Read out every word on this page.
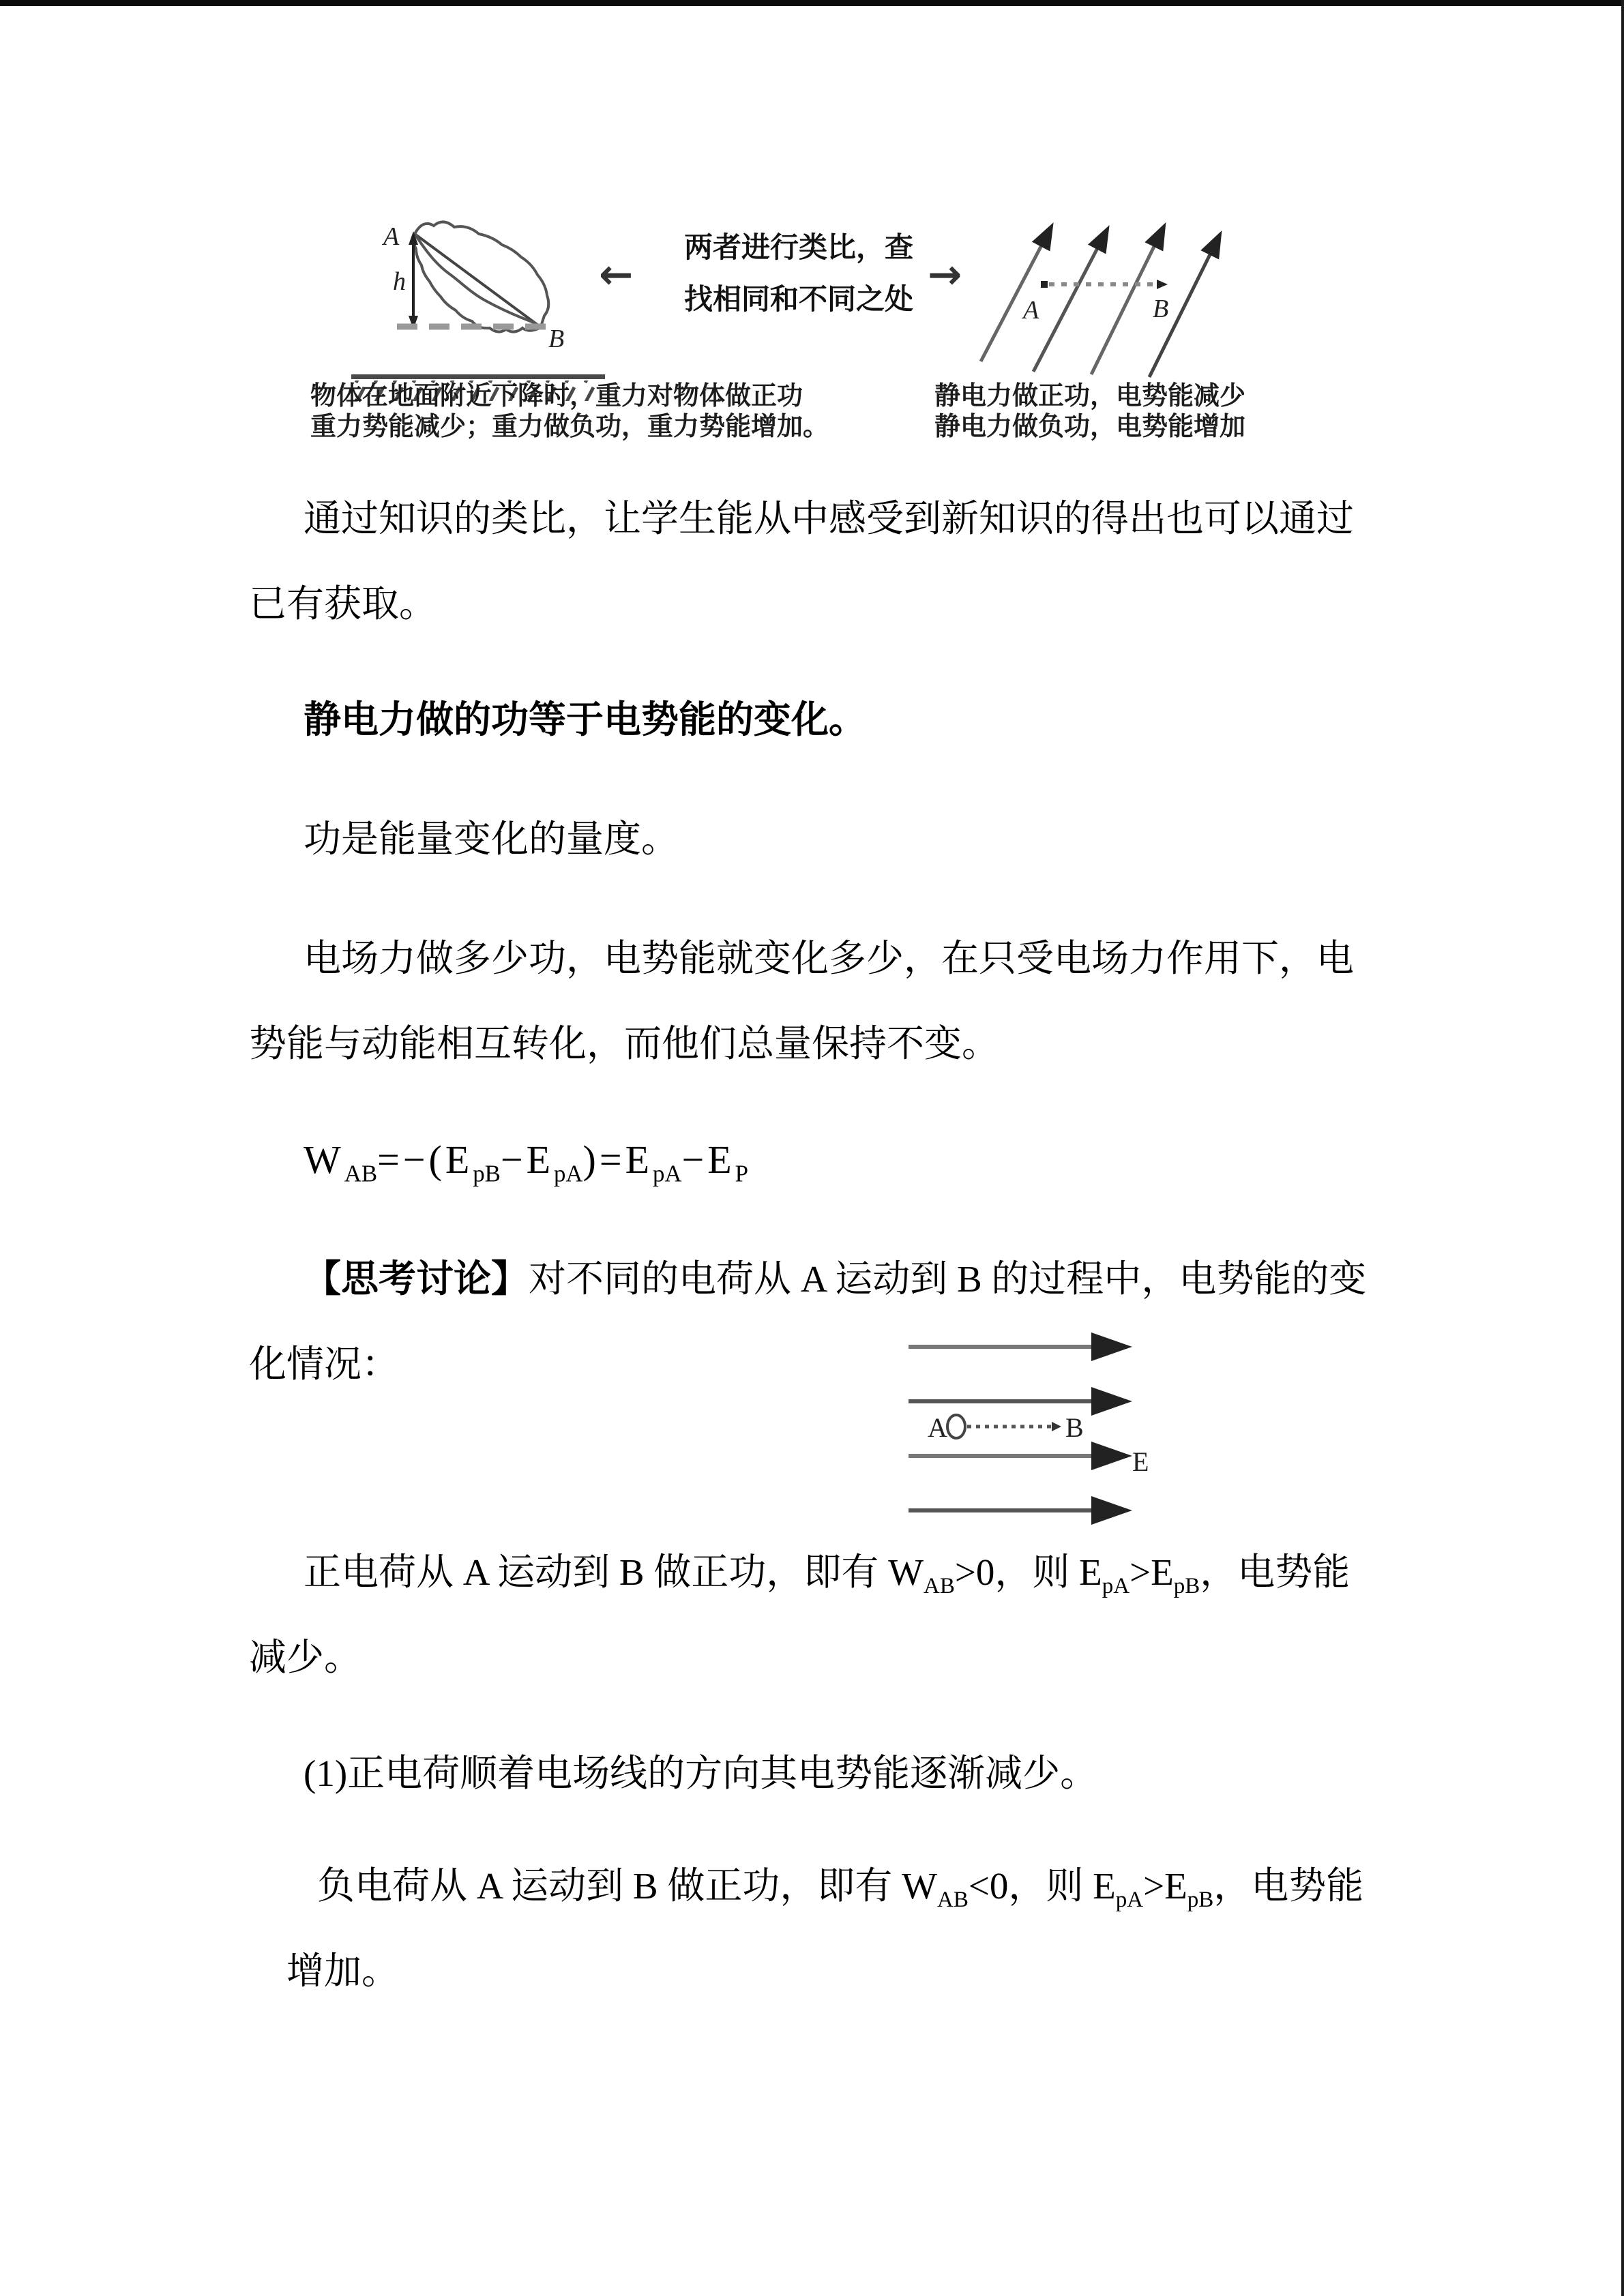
A
h
B
←
两者进行类比，查
找相同和不同之处
→
A	B
物体在地面附近下降时，重力对物体做正功
重力势能减少；重力做负功，重力势能增加。
静电力做正功，电势能减少
静电力做负功，电势能增加
A	B
E
通过知识的类比，让学生能从中感受到新知识的得出也可以通过
已有获取。
静电力做的功等于电势能的变化。
功是能量变化的量度。
电场力做多少功，电势能就变化多少，在只受电场力作用下，电
势能与动能相互转化，而他们总量保持不变。
$W_{AB}=-(E_{pB}-E_{pA})=E_{pA}-E_P$
【思考讨论】对不同的电荷从 A 运动到 B 的过程中，电势能的变
化情况：
正电荷从 A 运动到 B 做正功，即有 $W_{AB}>0$，则 $E_{pA}>E_{pB}$，电势能
减少。
(1)正电荷顺着电场线的方向其电势能逐渐减少。
负电荷从 A 运动到 B 做正功，即有 $W_{AB}<0$，则 $E_{pA}>E_{pB}$，电势能
增加。
